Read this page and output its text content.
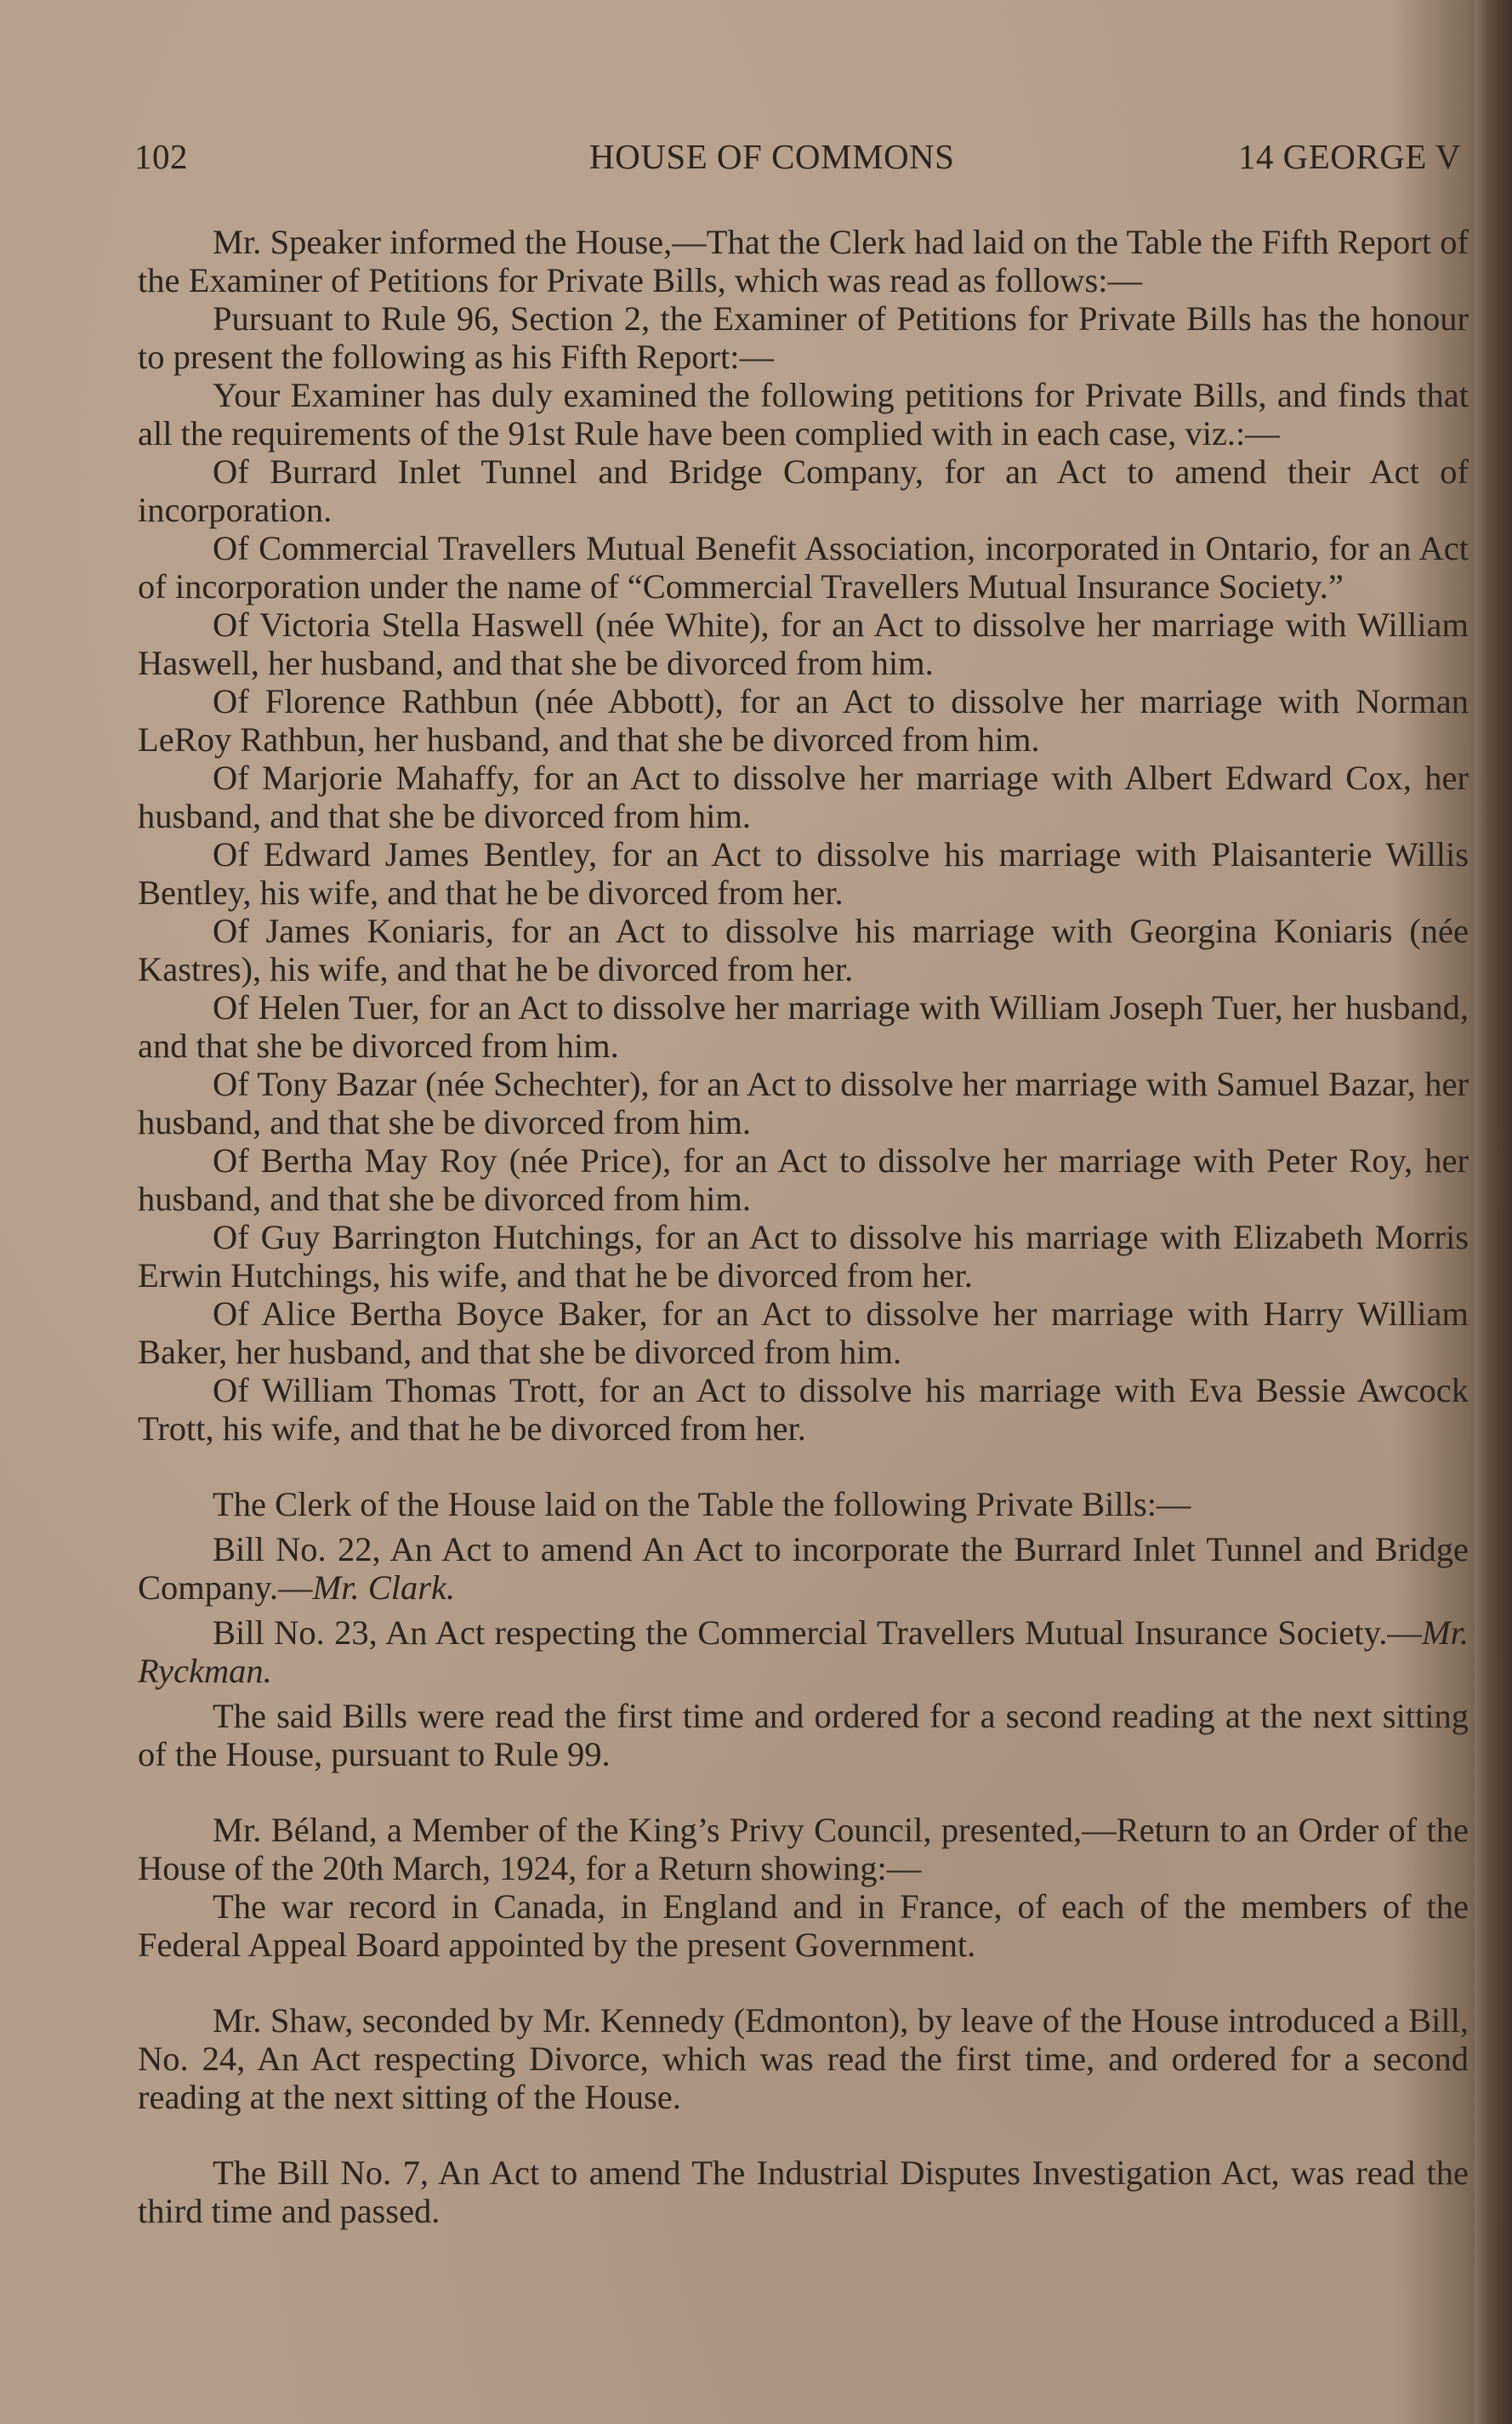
102	HOUSE OF COMMONS	14 GEORGE V

Mr. Speaker informed the House,—That the Clerk had laid on the Table the Fifth Report of the Examiner of Petitions for Private Bills, which was read as follows:—

Pursuant to Rule 96, Section 2, the Examiner of Petitions for Private Bills has the honour to present the following as his Fifth Report:—

Your Examiner has duly examined the following petitions for Private Bills, and finds that all the requirements of the 91st Rule have been complied with in each case, viz.:—

Of Burrard Inlet Tunnel and Bridge Company, for an Act to amend their Act of incorporation.

Of Commercial Travellers Mutual Benefit Association, incorporated in Ontario, for an Act of incorporation under the name of “Commercial Travellers Mutual Insurance Society.”

Of Victoria Stella Haswell (née White), for an Act to dissolve her marriage with William Haswell, her husband, and that she be divorced from him.

Of Florence Rathbun (née Abbott), for an Act to dissolve her marriage with Norman LeRoy Rathbun, her husband, and that she be divorced from him.

Of Marjorie Mahaffy, for an Act to dissolve her marriage with Albert Edward Cox, her husband, and that she be divorced from him.

Of Edward James Bentley, for an Act to dissolve his marriage with Plaisanterie Willis Bentley, his wife, and that he be divorced from her.

Of James Koniaris, for an Act to dissolve his marriage with Georgina Koniaris (née Kastres), his wife, and that he be divorced from her.

Of Helen Tuer, for an Act to dissolve her marriage with William Joseph Tuer, her husband, and that she be divorced from him.

Of Tony Bazar (née Schechter), for an Act to dissolve her marriage with Samuel Bazar, her husband, and that she be divorced from him.

Of Bertha May Roy (née Price), for an Act to dissolve her marriage with Peter Roy, her husband, and that she be divorced from him.

Of Guy Barrington Hutchings, for an Act to dissolve his marriage with Elizabeth Morris Erwin Hutchings, his wife, and that he be divorced from her.

Of Alice Bertha Boyce Baker, for an Act to dissolve her marriage with Harry William Baker, her husband, and that she be divorced from him.

Of William Thomas Trott, for an Act to dissolve his marriage with Eva Bessie Awcock Trott, his wife, and that he be divorced from her.

The Clerk of the House laid on the Table the following Private Bills:—

Bill No. 22, An Act to amend An Act to incorporate the Burrard Inlet Tunnel and Bridge Company.—Mr. Clark.

Bill No. 23, An Act respecting the Commercial Travellers Mutual Insurance Society.—Mr. Ryckman.

The said Bills were read the first time and ordered for a second reading at the next sitting of the House, pursuant to Rule 99.

Mr. Béland, a Member of the King’s Privy Council, presented,—Return to an Order of the House of the 20th March, 1924, for a Return showing:—

The war record in Canada, in England and in France, of each of the members of the Federal Appeal Board appointed by the present Government.

Mr. Shaw, seconded by Mr. Kennedy (Edmonton), by leave of the House introduced a Bill, No. 24, An Act respecting Divorce, which was read the first time, and ordered for a second reading at the next sitting of the House.

The Bill No. 7, An Act to amend The Industrial Disputes Investigation Act, was read the third time and passed.
